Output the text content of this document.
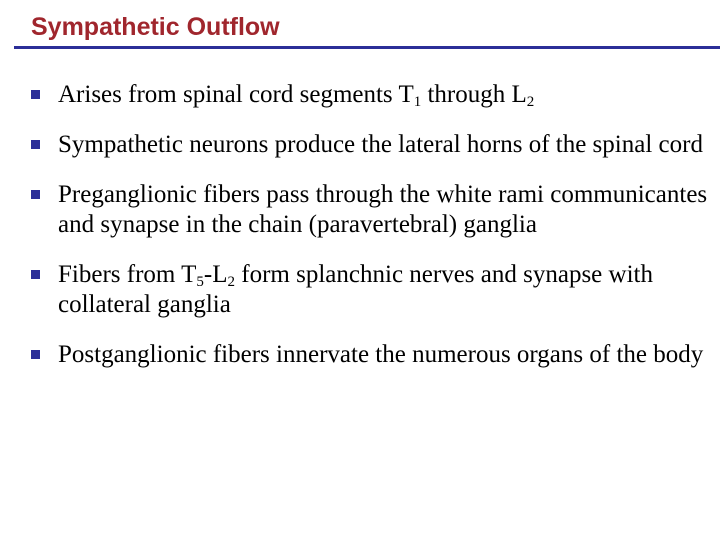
Sympathetic Outflow
Arises from spinal cord segments $T_1$ through $L_2$
Sympathetic neurons produce the lateral horns of the spinal cord
Preganglionic fibers pass through the white rami communicantes and synapse in the chain (paravertebral) ganglia
Fibers from $T_5-L_2$ form splanchnic nerves and synapse with collateral ganglia
Postganglionic fibers innervate the numerous organs of the body
